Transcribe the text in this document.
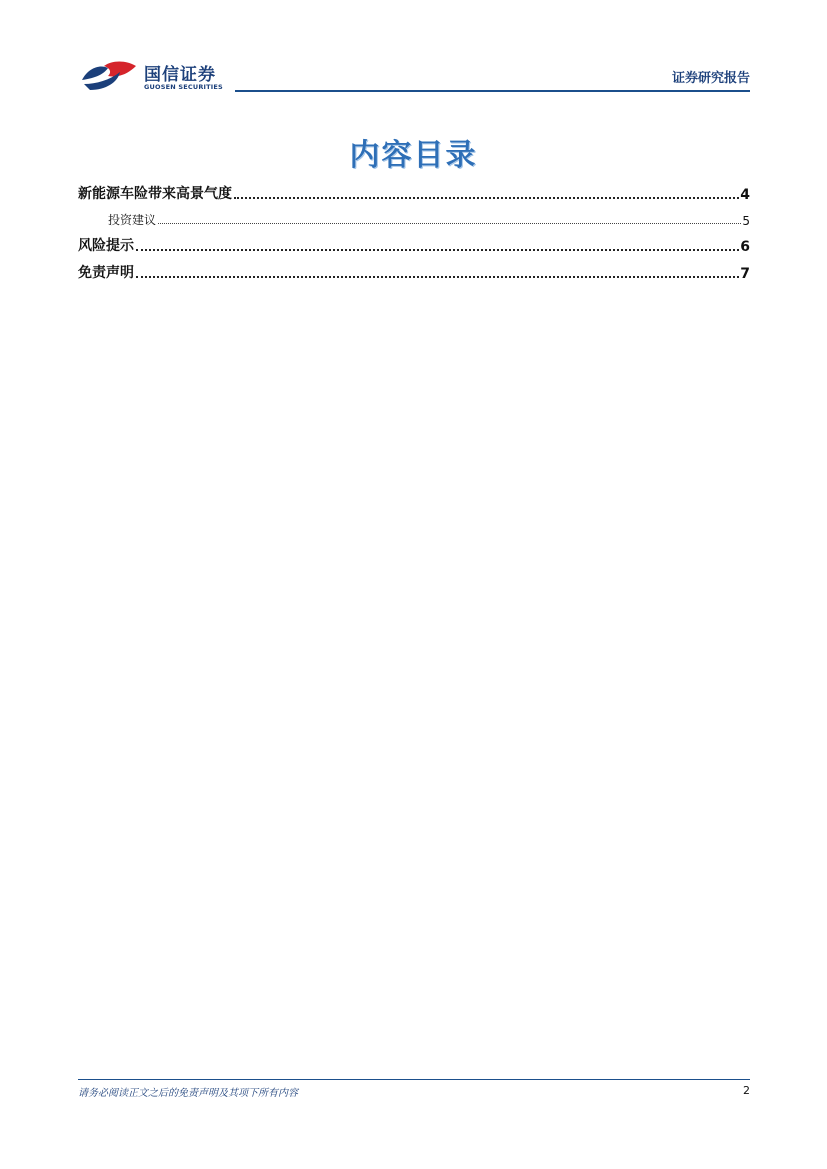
国信证券
GUOSEN SECURITIES
证券研究报告
内容目录
新能源车险带来高景气度	4
投资建议	5
风险提示	6
免责声明	7
请务必阅读正文之后的免责声明及其项下所有内容	2
